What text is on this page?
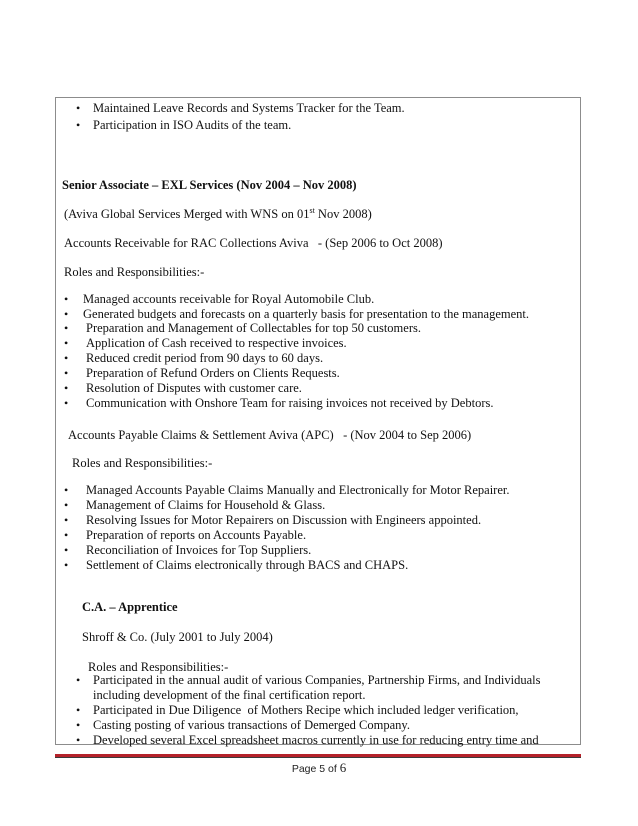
• Maintained Leave Records and Systems Tracker for the Team.
• Participation in ISO Audits of the team.
Senior Associate – EXL Services (Nov 2004 – Nov 2008)
(Aviva Global Services Merged with WNS on 01st Nov 2008)
Accounts Receivable for RAC Collections Aviva   - (Sep 2006 to Oct 2008)
Roles and Responsibilities:-
• Managed accounts receivable for Royal Automobile Club.
• Generated budgets and forecasts on a quarterly basis for presentation to the management.
• Preparation and Management of Collectables for top 50 customers.
• Application of Cash received to respective invoices.
• Reduced credit period from 90 days to 60 days.
• Preparation of Refund Orders on Clients Requests.
• Resolution of Disputes with customer care.
• Communication with Onshore Team for raising invoices not received by Debtors.
Accounts Payable Claims & Settlement Aviva (APC)   - (Nov 2004 to Sep 2006)
Roles and Responsibilities:-
• Managed Accounts Payable Claims Manually and Electronically for Motor Repairer.
• Management of Claims for Household & Glass.
• Resolving Issues for Motor Repairers on Discussion with Engineers appointed.
• Preparation of reports on Accounts Payable.
• Reconciliation of Invoices for Top Suppliers.
• Settlement of Claims electronically through BACS and CHAPS.
C.A. – Apprentice
Shroff & Co. (July 2001 to July 2004)
Roles and Responsibilities:-
• Participated in the annual audit of various Companies, Partnership Firms, and Individuals
including development of the final certification report.
• Participated in Due Diligence  of Mothers Recipe which included ledger verification,
• Casting posting of various transactions of Demerged Company.
• Developed several Excel spreadsheet macros currently in use for reducing entry time and
Page 5 of 6
